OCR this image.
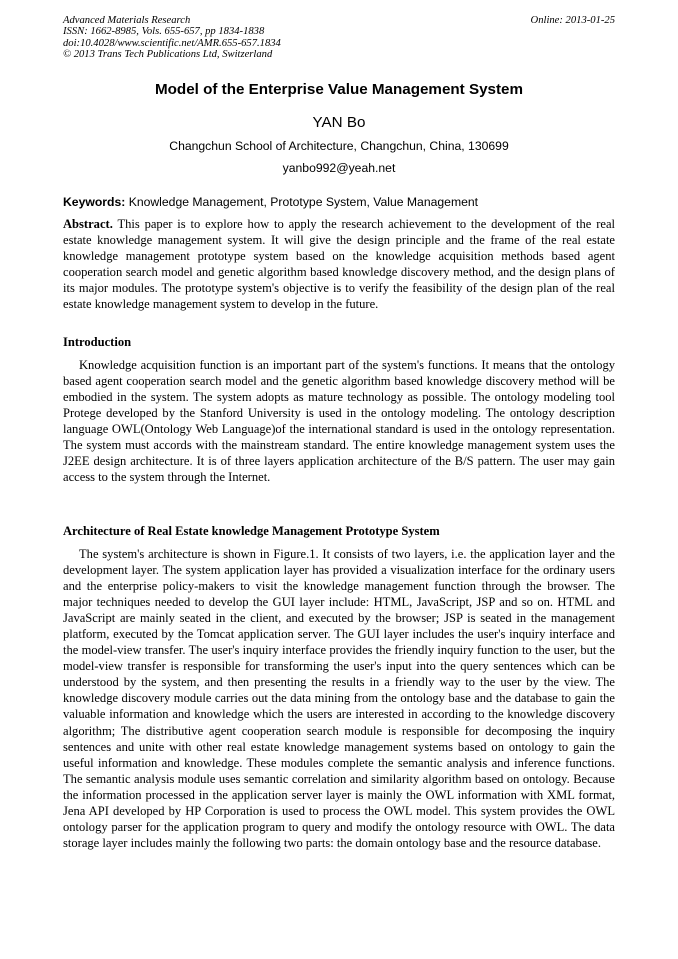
Advanced Materials Research
ISSN: 1662-8985, Vols. 655-657, pp 1834-1838
doi:10.4028/www.scientific.net/AMR.655-657.1834
© 2013 Trans Tech Publications Ltd, Switzerland
Online: 2013-01-25
Model of the Enterprise Value Management System
YAN Bo
Changchun School of Architecture, Changchun, China, 130699
yanbo992@yeah.net
Keywords: Knowledge Management, Prototype System, Value Management
Abstract. This paper is to explore how to apply the research achievement to the development of the real estate knowledge management system. It will give the design principle and the frame of the real estate knowledge management prototype system based on the knowledge acquisition methods based agent cooperation search model and genetic algorithm based knowledge discovery method, and the design plans of its major modules. The prototype system's objective is to verify the feasibility of the design plan of the real estate knowledge management system to develop in the future.
Introduction
Knowledge acquisition function is an important part of the system's functions. It means that the ontology based agent cooperation search model and the genetic algorithm based knowledge discovery method will be embodied in the system. The system adopts as mature technology as possible. The ontology modeling tool Protege developed by the Stanford University is used in the ontology modeling. The ontology description language OWL(Ontology Web Language)of the international standard is used in the ontology representation. The system must accords with the mainstream standard. The entire knowledge management system uses the J2EE design architecture. It is of three layers application architecture of the B/S pattern. The user may gain access to the system through the Internet.
Architecture of Real Estate knowledge Management Prototype System
The system's architecture is shown in Figure.1. It consists of two layers, i.e. the application layer and the development layer. The system application layer has provided a visualization interface for the ordinary users and the enterprise policy-makers to visit the knowledge management function through the browser. The major techniques needed to develop the GUI layer include: HTML, JavaScript, JSP and so on. HTML and JavaScript are mainly seated in the client, and executed by the browser; JSP is seated in the management platform, executed by the Tomcat application server. The GUI layer includes the user's inquiry interface and the model-view transfer. The user's inquiry interface provides the friendly inquiry function to the user, but the model-view transfer is responsible for transforming the user's input into the query sentences which can be understood by the system, and then presenting the results in a friendly way to the user by the view. The knowledge discovery module carries out the data mining from the ontology base and the database to gain the valuable information and knowledge which the users are interested in according to the knowledge discovery algorithm; The distributive agent cooperation search module is responsible for decomposing the inquiry sentences and unite with other real estate knowledge management systems based on ontology to gain the useful information and knowledge. These modules complete the semantic analysis and inference functions. The semantic analysis module uses semantic correlation and similarity algorithm based on ontology. Because the information processed in the application server layer is mainly the OWL information with XML format, Jena API developed by HP Corporation is used to process the OWL model. This system provides the OWL ontology parser for the application program to query and modify the ontology resource with OWL. The data storage layer includes mainly the following two parts: the domain ontology base and the resource database.
